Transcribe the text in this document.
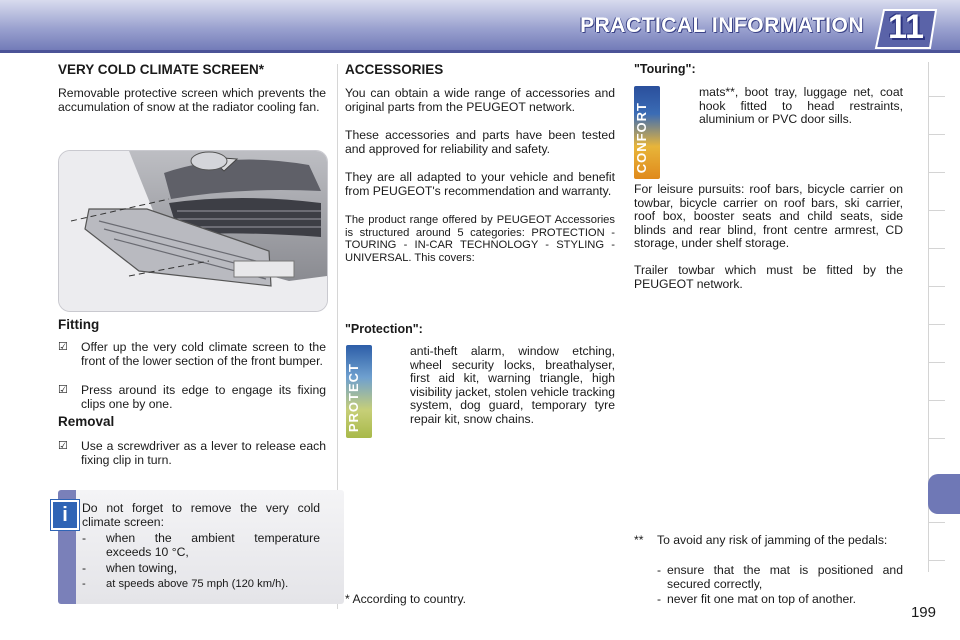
PRACTICAL INFORMATION 11
VERY COLD CLIMATE SCREEN*
Removable protective screen which prevents the accumulation of snow at the radiator cooling fan.
Fitting
☑ Offer up the very cold climate screen to the front of the lower section of the front bumper.
☑ Press around its edge to engage its fixing clips one by one.
Removal
☑ Use a screwdriver as a lever to release each fixing clip in turn.
i	Do not forget to remove the very cold climate screen:
- when the ambient temperature exceeds 10 °C,
- when towing,
- at speeds above 75 mph (120 km/h).
ACCESSORIES
You can obtain a wide range of accessories and original parts from the PEUGEOT network.
These accessories and parts have been tested and approved for reliability and safety.
They are all adapted to your vehicle and benefit from PEUGEOT's recommendation and warranty.
The product range offered by PEUGEOT Accessories is structured around 5 categories: PROTECTION - TOURING - IN-CAR TECHNOLOGY - STYLING - UNIVERSAL. This covers:
"Protection":
PROTECT
anti-theft alarm, window etching, wheel security locks, breathalyser, first aid kit, warning triangle, high visibility jacket, stolen vehicle tracking system, dog guard, temporary tyre repair kit, snow chains.
* According to country.
"Touring":
CONFORT
mats**, boot tray, luggage net, coat hook fitted to head restraints, aluminium or PVC door sills.
For leisure pursuits: roof bars, bicycle carrier on towbar, bicycle carrier on roof bars, ski carrier, roof box, booster seats and child seats, side blinds and rear blind, front centre armrest, CD storage, under shelf storage.
Trailer towbar which must be fitted by the PEUGEOT network.
**	To avoid any risk of jamming of the pedals:
- ensure that the mat is positioned and secured correctly,
- never fit one mat on top of another.
199
